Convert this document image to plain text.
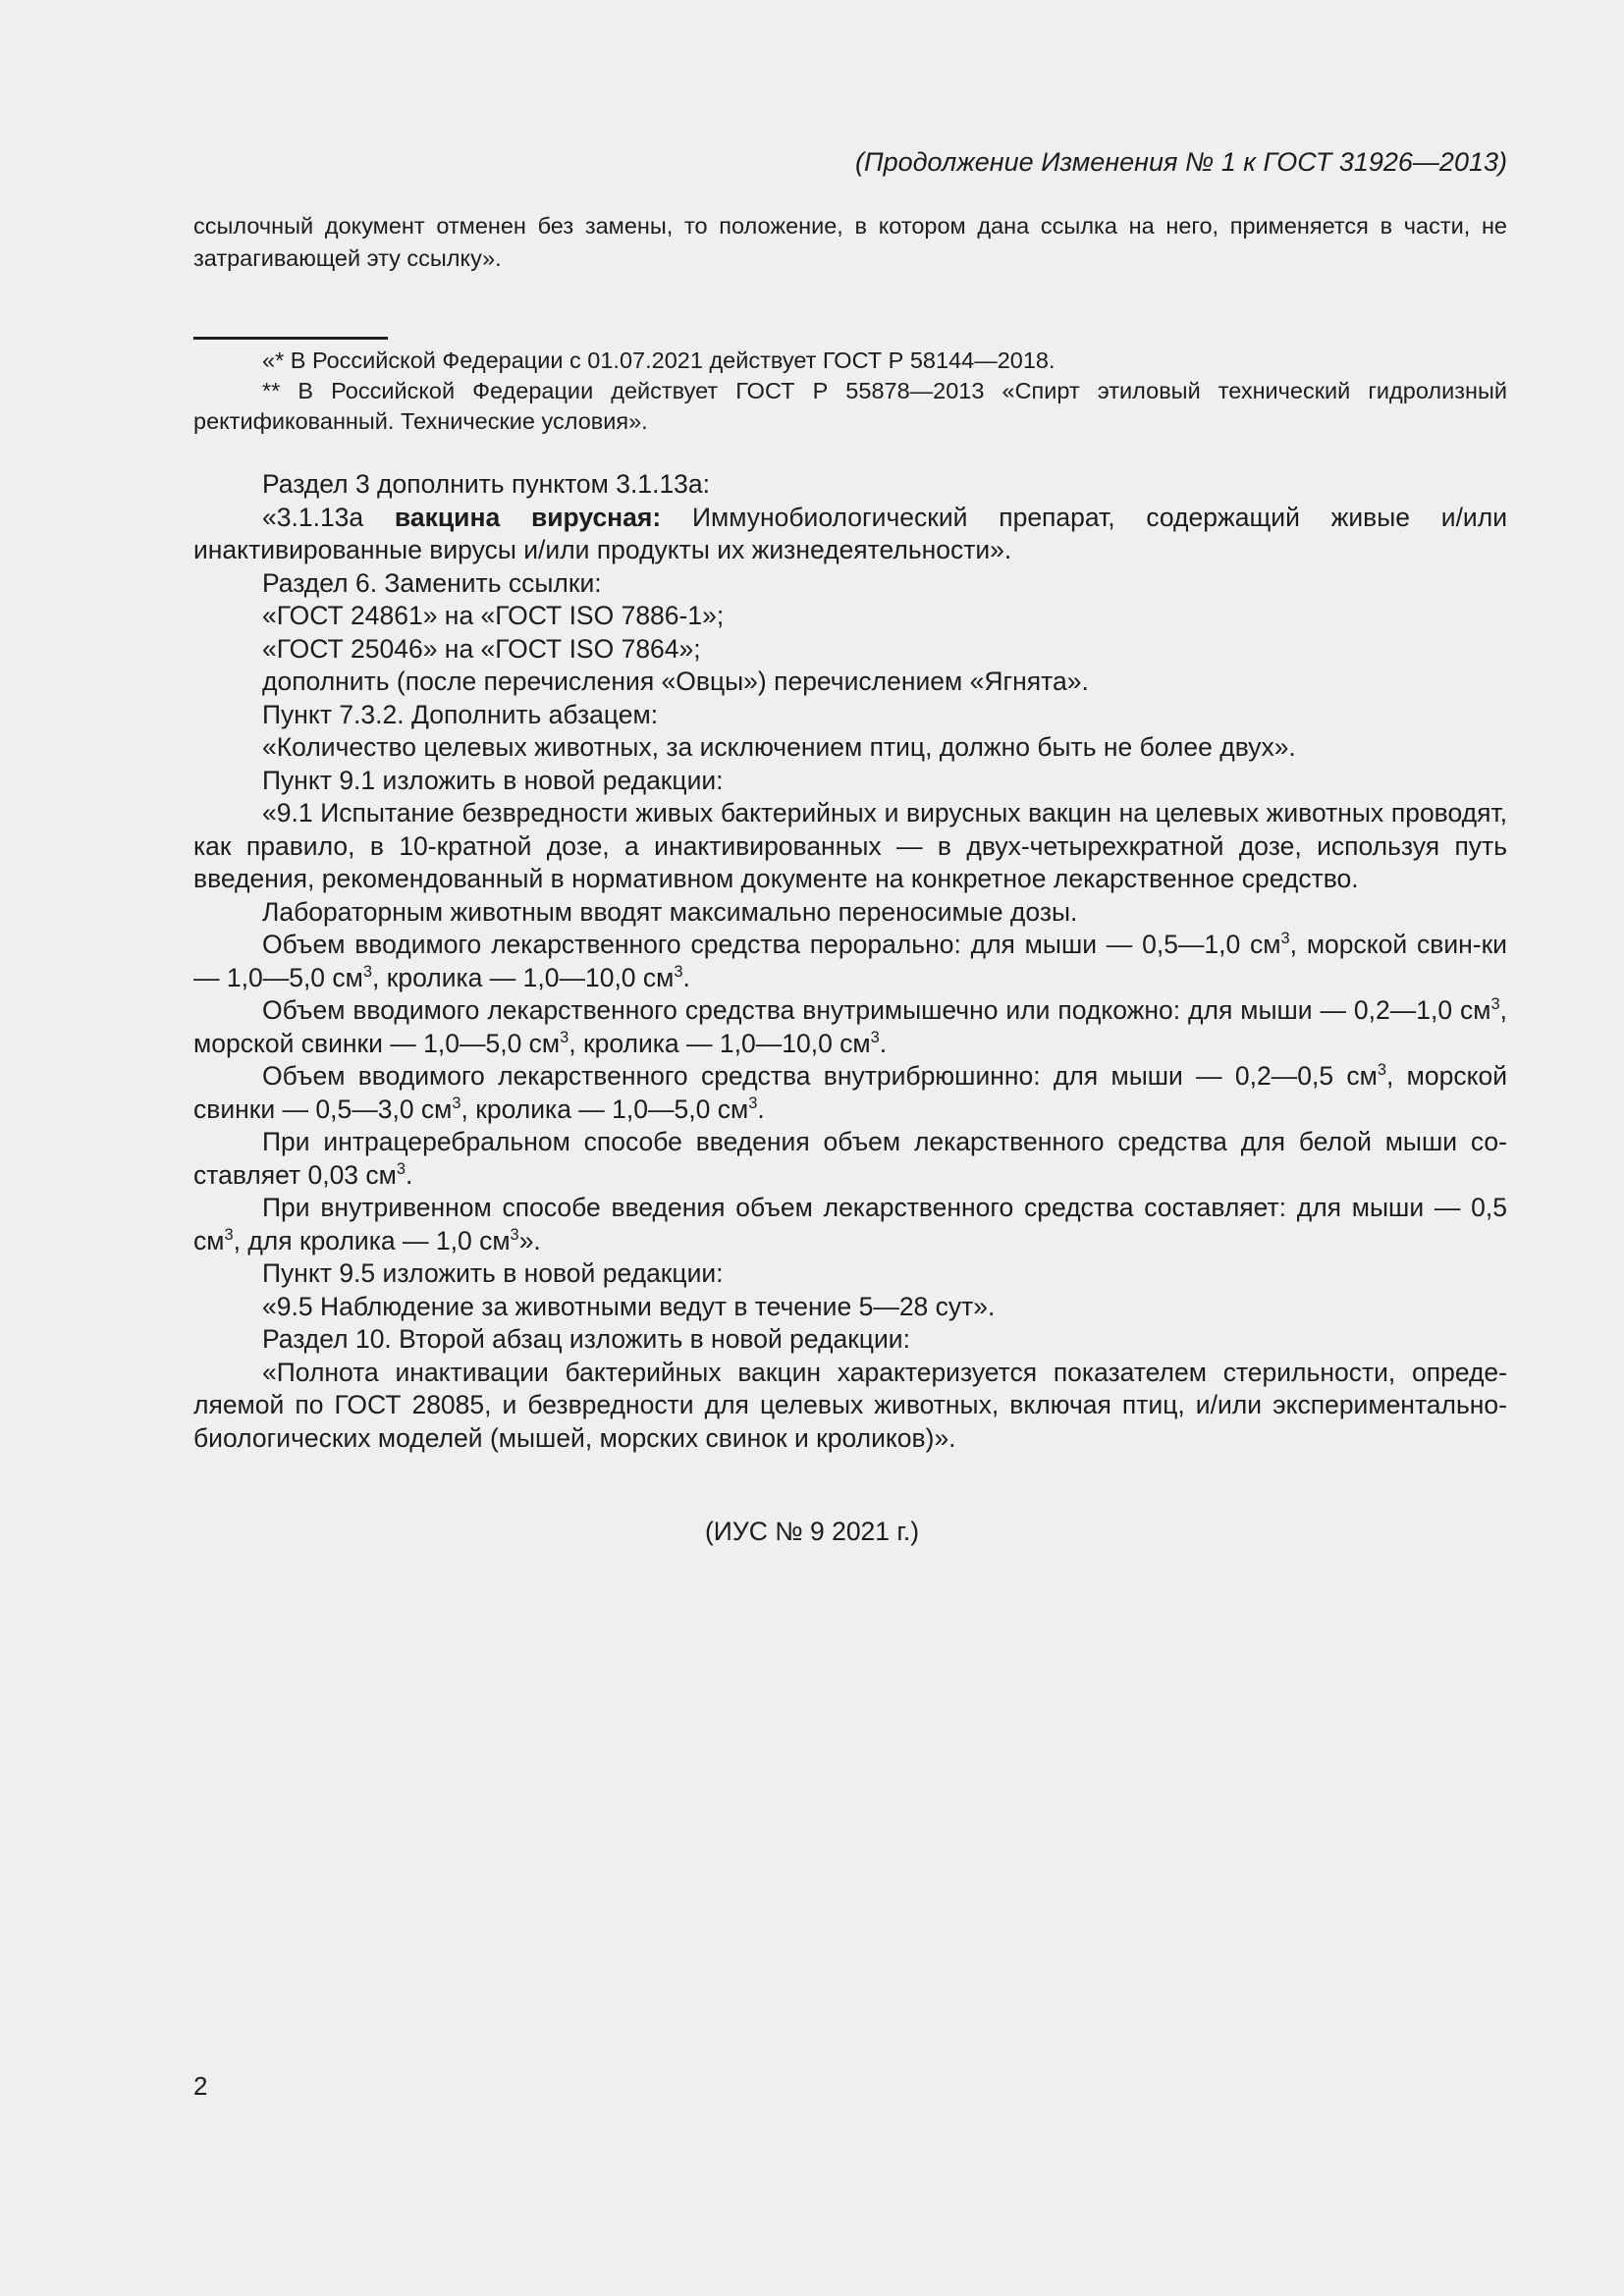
(Продолжение Изменения № 1 к ГОСТ 31926—2013)
ссылочный документ отменен без замены, то положение, в котором дана ссылка на него, применяется в части, не затрагивающей эту ссылку».

«* В Российской Федерации с 01.07.2021 действует ГОСТ Р 58144—2018.

** В Российской Федерации действует ГОСТ Р 55878—2013 «Спирт этиловый технический гидролизный ректификованный. Технические условия».

Раздел 3 дополнить пунктом 3.1.13а:

«3.1.13а вакцина вирусная: Иммунобиологический препарат, содержащий живые и/или инактивированные вирусы и/или продукты их жизнедеятельности».

Раздел 6. Заменить ссылки:

«ГОСТ 24861» на «ГОСТ ISO 7886-1»;

«ГОСТ 25046» на «ГОСТ ISO 7864»;

дополнить (после перечисления «Овцы») перечислением «Ягнята».

Пункт 7.3.2. Дополнить абзацем:

«Количество целевых животных, за исключением птиц, должно быть не более двух».

Пункт 9.1 изложить в новой редакции:

«9.1 Испытание безвредности живых бактерийных и вирусных вакцин на целевых животных проводят, как правило, в 10-кратной дозе, а инактивированных — в двух-четырехкратной дозе, используя путь введения, рекомендованный в нормативном документе на конкретное лекарственное средство.

Лабораторным животным вводят максимально переносимые дозы.

Объем вводимого лекарственного средства перорально: для мыши — 0,5—1,0 $см^3$, морской свин-ки — 1,0—5,0 $см^3$, кролика — 1,0—10,0 $см^3$.

Объем вводимого лекарственного средства внутримышечно или подкожно: для мыши — 0,2—1,0 $см^3$, морской свинки — 1,0—5,0 $см^3$, кролика — 1,0—10,0 $см^3$.

Объем вводимого лекарственного средства внутрибрюшинно: для мыши — 0,2—0,5 $см^3$, морской свинки — 0,5—3,0 $см^3$, кролика — 1,0—5,0 $см^3$.

При интрацеребральном способе введения объем лекарственного средства для белой мыши со-ставляет 0,03 $см^3$.

При внутривенном способе введения объем лекарственного средства составляет: для мыши — 0,5 $см^3$, для кролика — 1,0 $см^3$».

Пункт 9.5 изложить в новой редакции:

«9.5 Наблюдение за животными ведут в течение 5—28 сут».

Раздел 10. Второй абзац изложить в новой редакции:

«Полнота инактивации бактерийных вакцин характеризуется показателем стерильности, опреде-ляемой по ГОСТ 28085, и безвредности для целевых животных, включая птиц, и/или экспериментально-биологических моделей (мышей, морских свинок и кроликов)».

(ИУС № 9 2021 г.)
2
